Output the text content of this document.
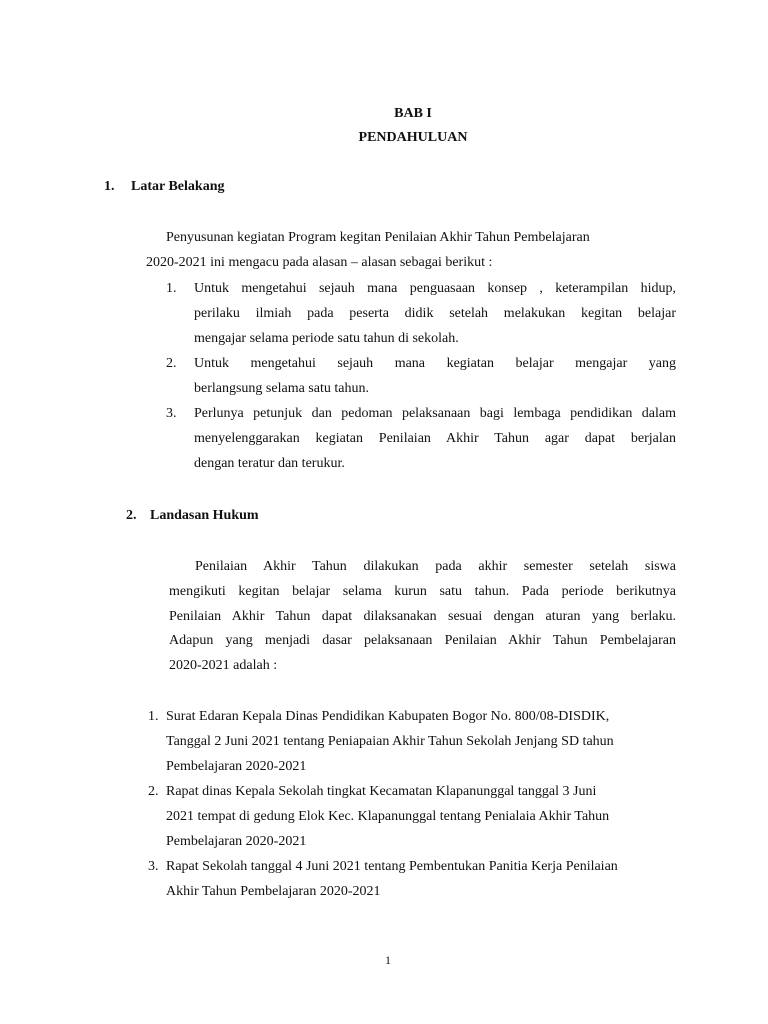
BAB I
PENDAHULUAN
1. Latar Belakang
Penyusunan kegiatan Program kegitan Penilaian Akhir Tahun Pembelajaran
2020-2021 ini mengacu pada alasan – alasan sebagai berikut :
1. Untuk mengetahui sejauh mana penguasaan konsep , keterampilan hidup,
perilaku ilmiah pada peserta didik setelah melakukan kegitan belajar
mengajar selama periode satu tahun di sekolah.
2. Untuk mengetahui sejauh mana kegiatan belajar mengajar yang
berlangsung selama satu tahun.
3. Perlunya petunjuk dan pedoman pelaksanaan bagi lembaga pendidikan dalam
menyelenggarakan kegiatan Penilaian Akhir Tahun agar dapat berjalan
dengan teratur dan terukur.
2. Landasan Hukum
Penilaian Akhir Tahun dilakukan pada akhir semester setelah siswa
mengikuti kegitan belajar selama kurun satu tahun. Pada periode berikutnya
Penilaian Akhir Tahun dapat dilaksanakan sesuai dengan aturan yang berlaku.
Adapun yang menjadi dasar pelaksanaan Penilaian Akhir Tahun Pembelajaran
2020-2021 adalah :
1. Surat Edaran Kepala Dinas Pendidikan Kabupaten Bogor No. 800/08-DISDIK,
Tanggal 2 Juni 2021 tentang Peniapaian Akhir Tahun Sekolah Jenjang SD tahun
Pembelajaran 2020-2021
2. Rapat dinas Kepala Sekolah tingkat Kecamatan Klapanunggal tanggal 3 Juni
2021 tempat di gedung Elok Kec. Klapanunggal tentang Penialaia Akhir Tahun
Pembelajaran 2020-2021
3. Rapat Sekolah tanggal 4 Juni 2021 tentang Pembentukan Panitia Kerja Penilaian
Akhir Tahun Pembelajaran 2020-2021
1
